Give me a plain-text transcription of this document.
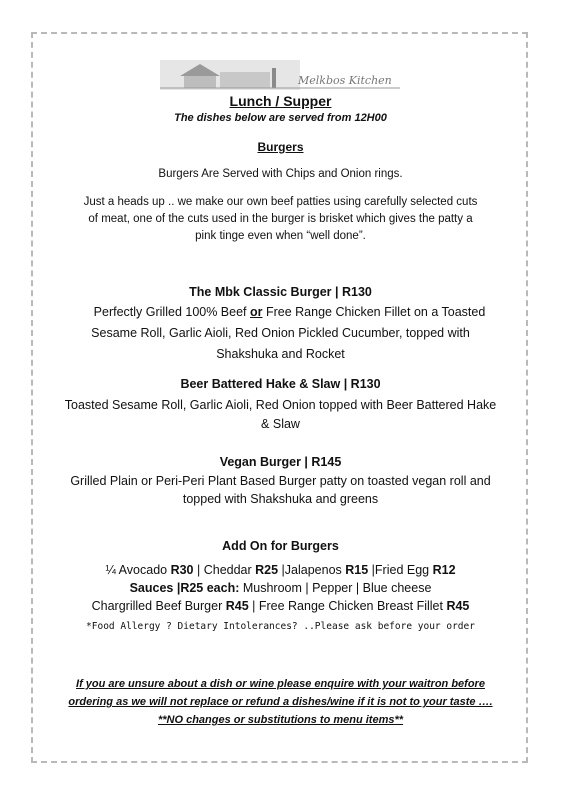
Melkbos Kitchen
Lunch / Supper
The dishes below are served from 12H00
Burgers
Burgers Are Served with Chips and Onion rings.
Just a heads up .. we make our own beef patties using carefully selected cuts
of meat, one of the cuts used in the burger is brisket which gives the patty a
pink tinge even when “well done”.
The Mbk Classic Burger | R130
Perfectly Grilled 100% Beef or Free Range Chicken Fillet on a Toasted
Sesame Roll, Garlic Aioli, Red Onion Pickled Cucumber, topped with
Shakshuka and Rocket
Beer Battered Hake & Slaw | R130
Toasted Sesame Roll, Garlic Aioli, Red Onion topped with Beer Battered Hake
& Slaw
Vegan Burger | R145
Grilled Plain or Peri-Peri Plant Based Burger patty on toasted vegan roll and
topped with Shakshuka and greens
Add On for Burgers
¼ Avocado R30 | Cheddar R25 |Jalapenos R15 |Fried Egg R12
Sauces |R25 each: Mushroom | Pepper | Blue cheese
Chargrilled Beef Burger R45 | Free Range Chicken Breast Fillet R45
*Food Allergy ? Dietary Intolerances? ..Please ask before your order
If you are unsure about a dish or wine please enquire with your waitron before
ordering as we will not replace or refund a dishes/wine if it is not to your taste ….
**NO changes or substitutions to menu items**
